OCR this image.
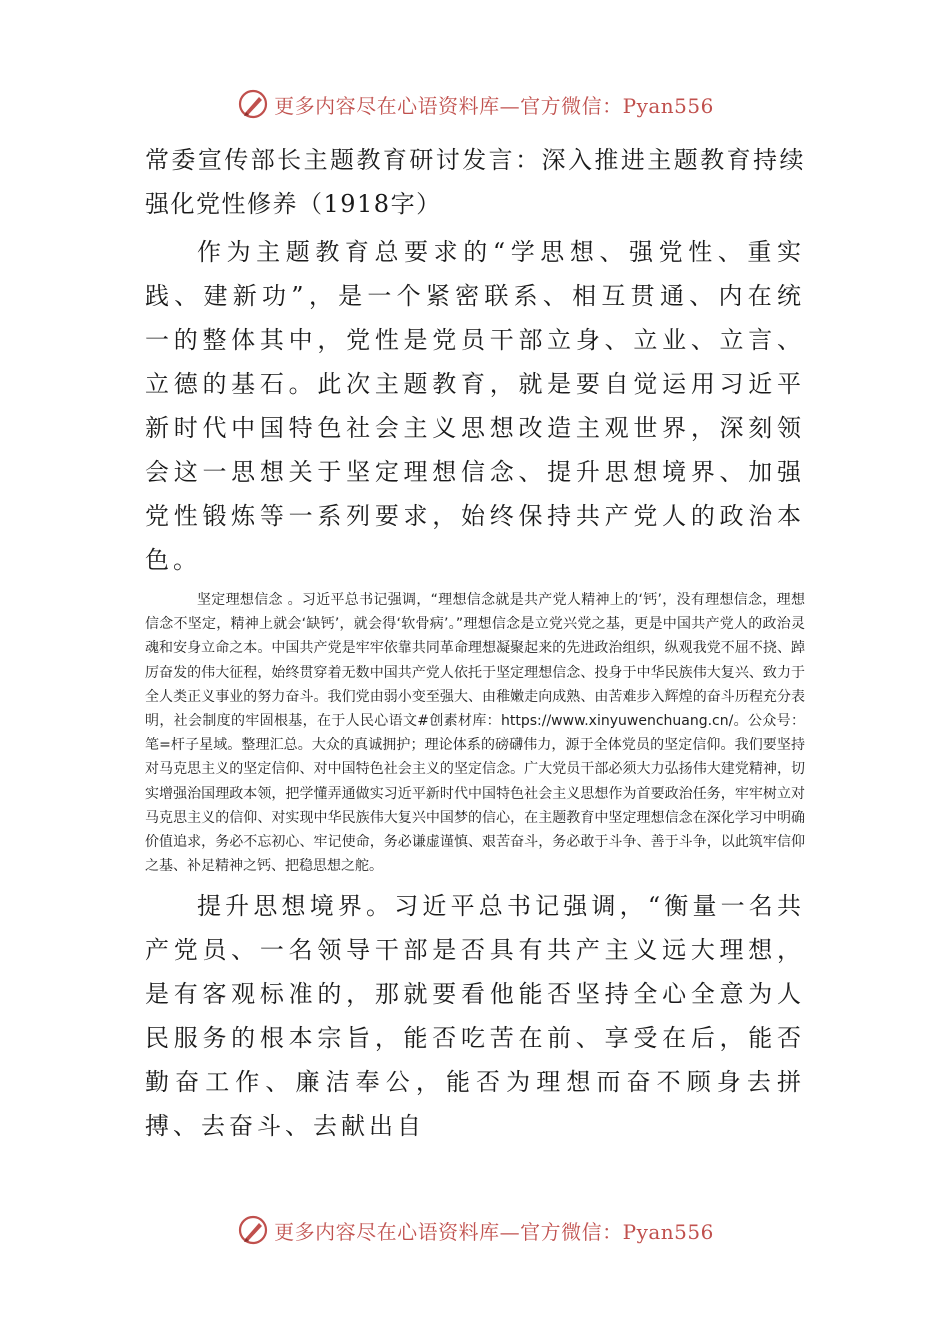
更多内容尽在心语资料库—官方微信：Pyan556

常委宣传部长主题教育研讨发言：深入推进主题教育持续强化党性修养（1918字）

作为主题教育总要求的“学思想、强党性、重实践、建新功”，是一个紧密联系、相互贯通、内在统一的整体其中，党性是党员干部立身、立业、立言、立德的基石。此次主题教育，就是要自觉运用习近平新时代中国特色社会主义思想改造主观世界，深刻领会这一思想关于坚定理想信念、提升思想境界、加强党性锻炼等一系列要求，始终保持共产党人的政治本色。

坚定理想信念 。习近平总书记强调，“理想信念就是共产党人精神上的‘钙’，没有理想信念，理想信念不坚定，精神上就会‘缺钙’，就会得‘软骨病’。”理想信念是立党兴党之基，更是中国共产党人的政治灵魂和安身立命之本。中国共产党是牢牢依靠共同革命理想凝聚起来的先进政治组织，纵观我党不屈不挠、踔厉奋发的伟大征程，始终贯穿着无数中国共产党人依托于坚定理想信念、投身于中华民族伟大复兴、致力于全人类正义事业的努力奋斗。我们党由弱小变至强大、由稚嫩走向成熟、由苦难步入辉煌的奋斗历程充分表明，社会制度的牢固根基，在于人民心语文#创素材库：https://www.xinyuwenchuang.cn/。公众号：笔=杆子星域。整理汇总。大众的真诚拥护；理论体系的磅礴伟力，源于全体党员的坚定信仰。我们要坚持对马克思主义的坚定信仰、对中国特色社会主义的坚定信念。广大党员干部必须大力弘扬伟大建党精神，切实增强治国理政本领，把学懂弄通做实习近平新时代中国特色社会主义思想作为首要政治任务，牢牢树立对马克思主义的信仰、对实现中华民族伟大复兴中国梦的信心，在主题教育中坚定理想信念在深化学习中明确价值追求，务必不忘初心、牢记使命，务必谦虚谨慎、艰苦奋斗，务必敢于斗争、善于斗争，以此筑牢信仰之基、补足精神之钙、把稳思想之舵。

提升思想境界。习近平总书记强调，“衡量一名共产党员、一名领导干部是否具有共产主义远大理想，是有客观标准的，那就要看他能否坚持全心全意为人民服务的根本宗旨，能否吃苦在前、享受在后，能否勤奋工作、廉洁奉公，能否为理想而奋不顾身去拼搏、去奋斗、去献出自

更多内容尽在心语资料库—官方微信：Pyan556
